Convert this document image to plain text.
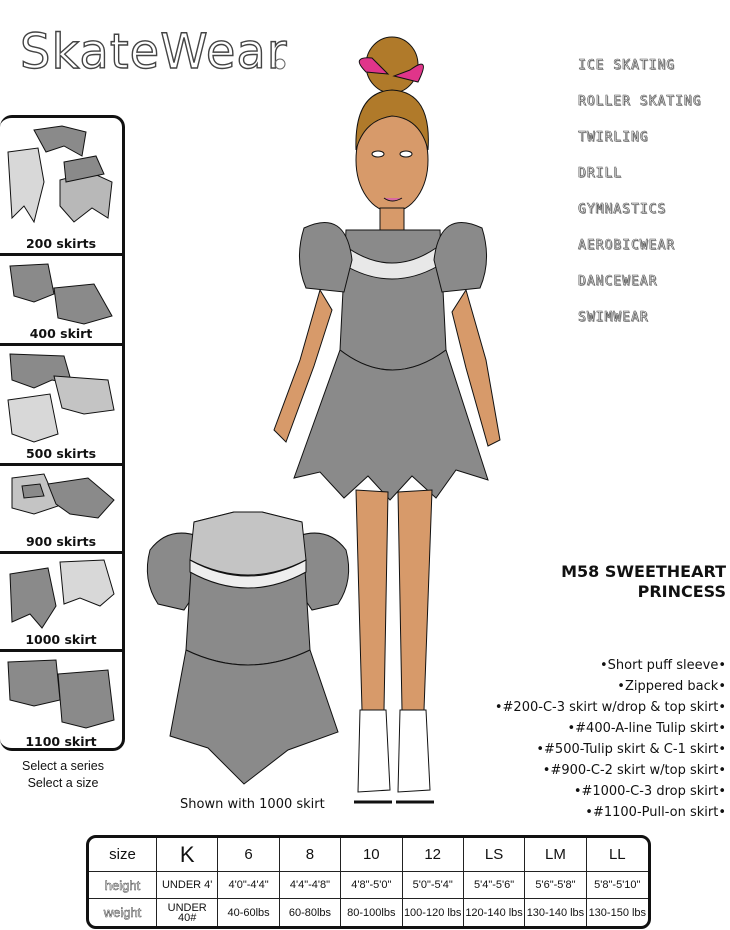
SkateWear	ICE SKATING
ROLLER SKATING
TWIRLING
DRILL
GYMNASTICS
AEROBICWEAR
DANCEWEAR
SWIMWEAR
200 skirts
400 skirt
500 skirts
900 skirts
1000 skirt
1100 skirt
Select a series
Select a size
Shown with 1000 skirt
M58 SWEETHEART
PRINCESS
•Short puff sleeve•
•Zippered back•
•#200-C-3 skirt w/drop & top skirt•
•#400-A-line Tulip skirt•
•#500-Tulip skirt & C-1 skirt•
•#900-C-2 skirt w/top skirt•
•#1000-C-3 drop skirt•
•#1100-Pull-on skirt•
size	K	6	8	10	12	LS	LM	LL
height	UNDER 4'	4'0"-4'4"	4'4"-4'8"	4'8"-5'0"	5'0"-5'4"	5'4"-5'6"	5'6"-5'8"	5'8"-5'10"
weight	UNDER 40#	40-60lbs	60-80lbs	80-100lbs	100-120 lbs	120-140 lbs	130-140 lbs	130-150 lbs
